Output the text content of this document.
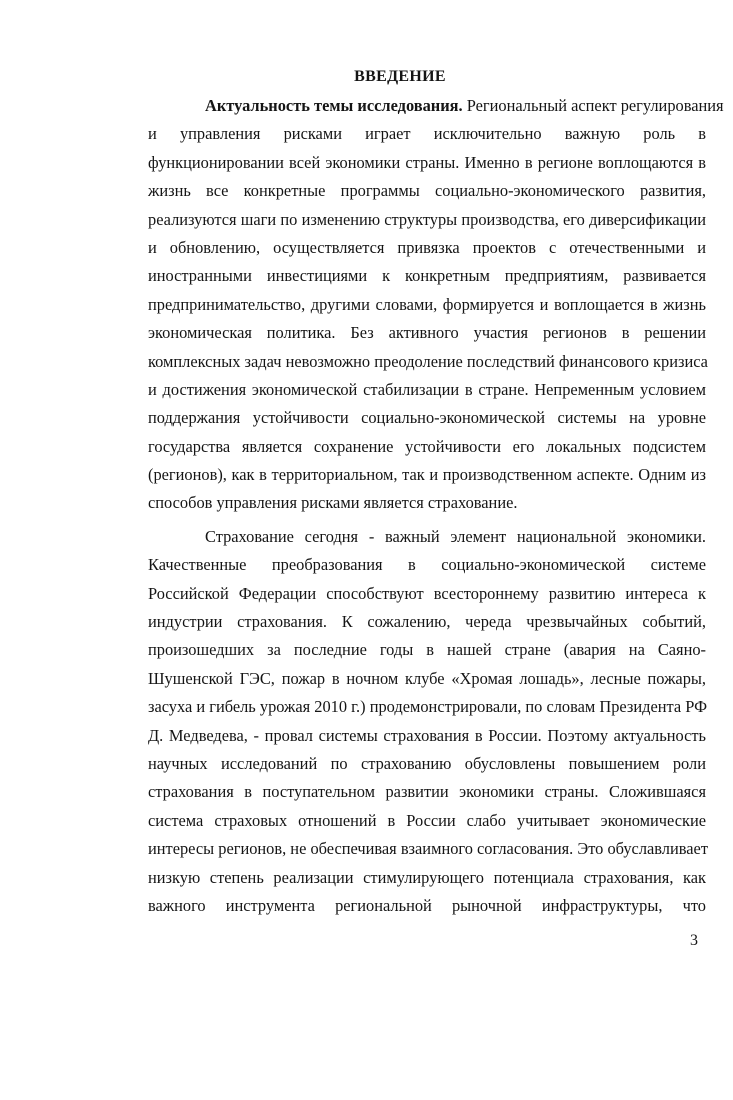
ВВЕДЕНИЕ
Актуальность темы исследования. Региональный аспект регулирования
и управления рисками играет исключительно важную роль в
функционировании всей экономики страны. Именно в регионе воплощаются в
жизнь все конкретные программы социально-экономического развития,
реализуются шаги по изменению структуры производства, его диверсификации
и обновлению, осуществляется привязка проектов с отечественными и
иностранными инвестициями к конкретным предприятиям, развивается
предпринимательство, другими словами, формируется и воплощается в жизнь
экономическая политика. Без активного участия регионов в решении
комплексных задач невозможно преодоление последствий финансового кризиса
и достижения экономической стабилизации в стране. Непременным условием
поддержания устойчивости социально-экономической системы на уровне
государства является сохранение устойчивости его локальных подсистем
(регионов), как в территориальном, так и производственном аспекте. Одним из
способов управления рисками является страхование.
Страхование сегодня - важный элемент национальной экономики.
Качественные преобразования в социально-экономической системе
Российской Федерации способствуют всестороннему развитию интереса к
индустрии страхования. К сожалению, череда чрезвычайных событий,
произошедших за последние годы в нашей стране (авария на Саяно-
Шушенской ГЭС, пожар в ночном клубе «Хромая лошадь», лесные пожары,
засуха и гибель урожая 2010 г.) продемонстрировали, по словам Президента РФ
Д. Медведева, - провал системы страхования в России. Поэтому актуальность
научных исследований по страхованию обусловлены повышением роли
страхования в поступательном развитии экономики страны. Сложившаяся
система страховых отношений в России слабо учитывает экономические
интересы регионов, не обеспечивая взаимного согласования. Это обуславливает
низкую степень реализации стимулирующего потенциала страхования, как
важного инструмента региональной рыночной инфраструктуры, что
3
